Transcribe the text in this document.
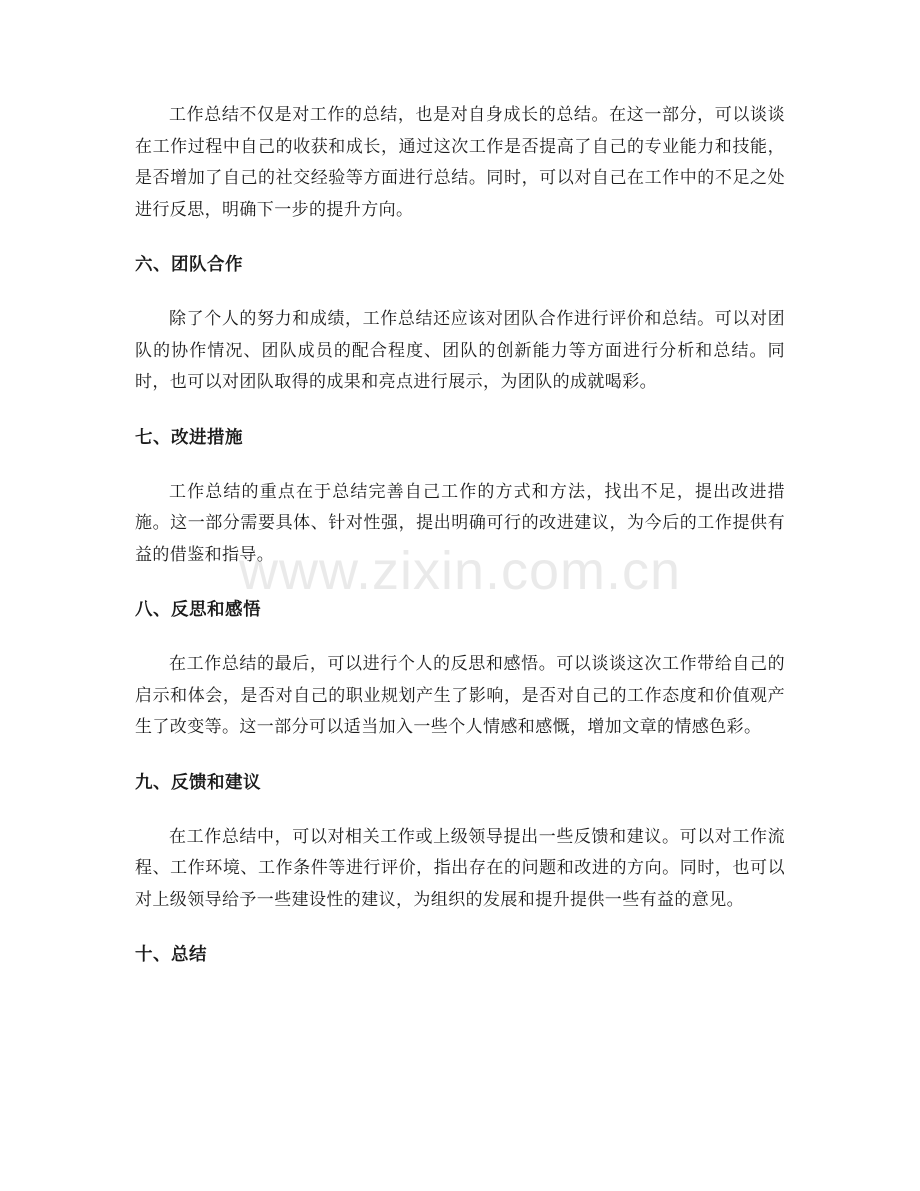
工作总结不仅是对工作的总结，也是对自身成长的总结。在这一部分，可以谈谈在工作过程中自己的收获和成长，通过这次工作是否提高了自己的专业能力和技能，是否增加了自己的社交经验等方面进行总结。同时，可以对自己在工作中的不足之处进行反思，明确下一步的提升方向。

六、团队合作

除了个人的努力和成绩，工作总结还应该对团队合作进行评价和总结。可以对团队的协作情况、团队成员的配合程度、团队的创新能力等方面进行分析和总结。同时，也可以对团队取得的成果和亮点进行展示，为团队的成就喝彩。

七、改进措施

工作总结的重点在于总结完善自己工作的方式和方法，找出不足，提出改进措施。这一部分需要具体、针对性强，提出明确可行的改进建议，为今后的工作提供有益的借鉴和指导。

八、反思和感悟

在工作总结的最后，可以进行个人的反思和感悟。可以谈谈这次工作带给自己的启示和体会，是否对自己的职业规划产生了影响，是否对自己的工作态度和价值观产生了改变等。这一部分可以适当加入一些个人情感和感慨，增加文章的情感色彩。

九、反馈和建议

在工作总结中，可以对相关工作或上级领导提出一些反馈和建议。可以对工作流程、工作环境、工作条件等进行评价，指出存在的问题和改进的方向。同时，也可以对上级领导给予一些建设性的建议，为组织的发展和提升提供一些有益的意见。

十、总结
www.zixin.com.cn
